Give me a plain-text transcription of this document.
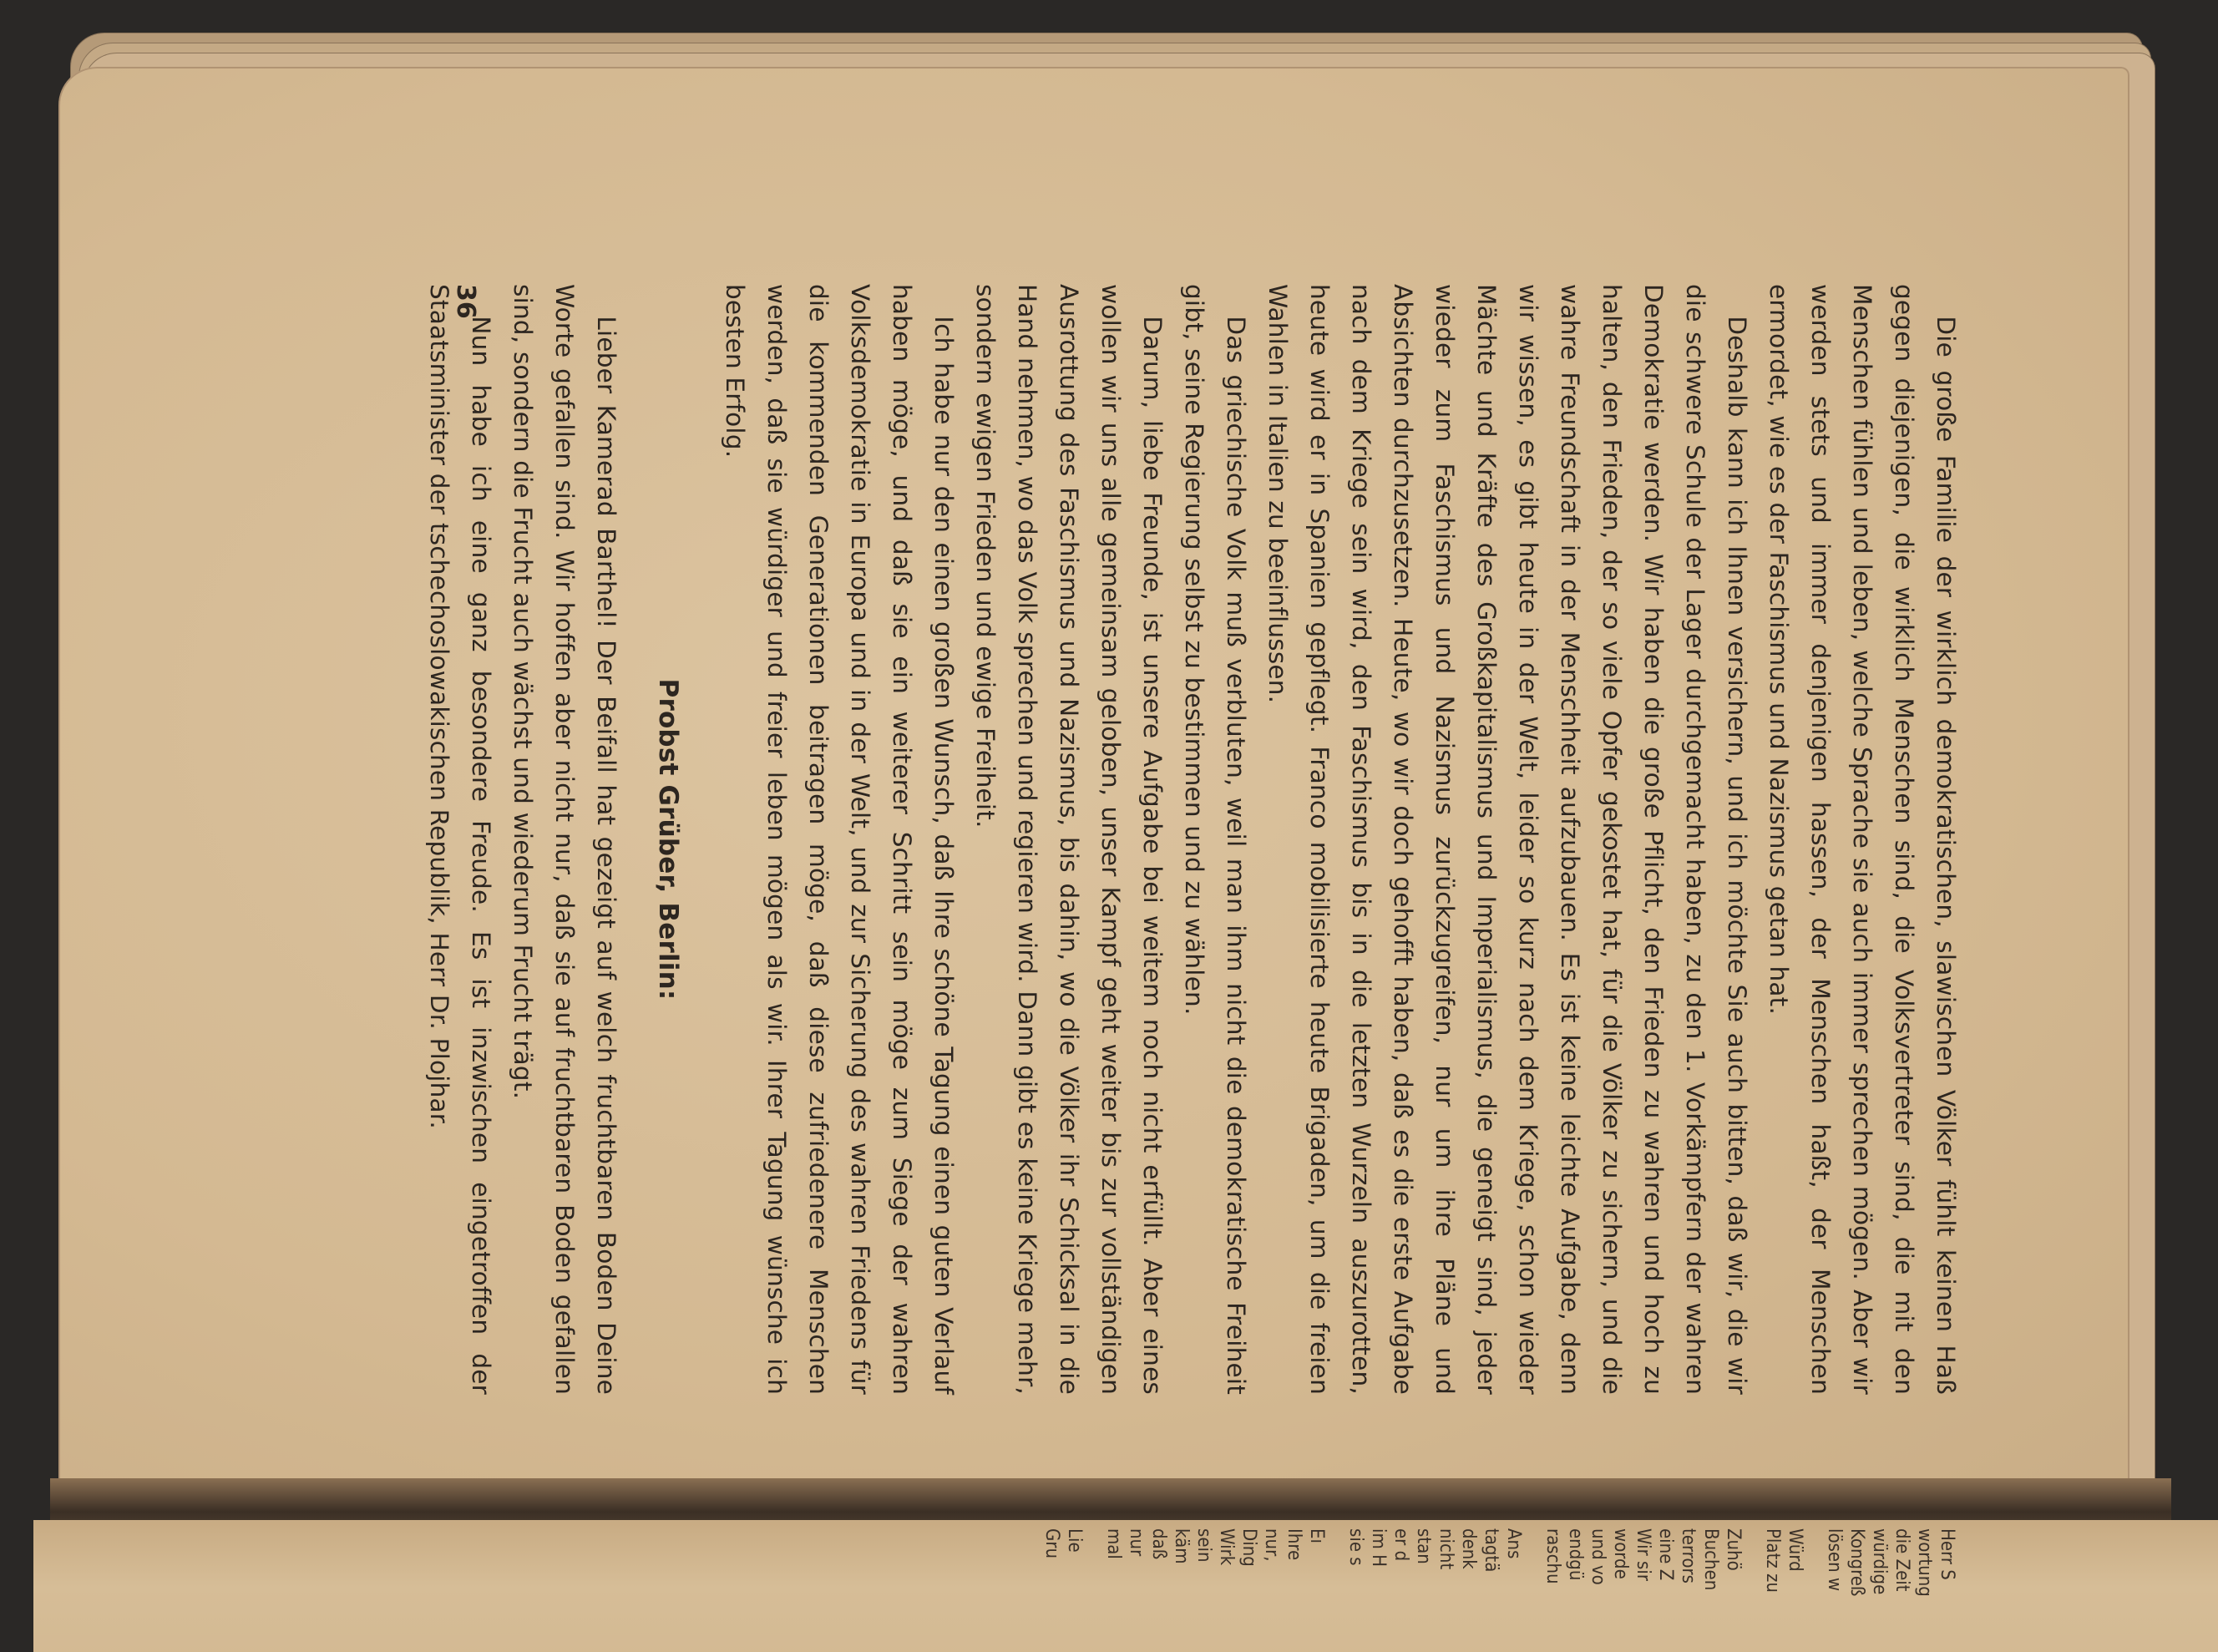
Die große Familie der wirklich demokratischen, slawischen Völker fühlt keinen Haß gegen diejenigen, die wirklich Menschen sind, die Volksvertreter sind, die mit den Menschen fühlen und leben, welche Sprache sie auch immer sprechen mögen. Aber wir werden stets und immer denjenigen hassen, der Menschen haßt, der Menschen ermordet, wie es der Faschismus und Nazismus getan hat.

Deshalb kann ich Ihnen versichern, und ich möchte Sie auch bitten, daß wir, die wir die schwere Schule der Lager durchgemacht haben, zu den 1. Vorkämpfern der wahren Demokratie werden. Wir haben die große Pflicht, den Frieden zu wahren und hoch zu halten, den Frieden, der so viele Opfer gekostet hat, für die Völker zu sichern, und die wahre Freundschaft in der Menschheit aufzubauen. Es ist keine leichte Aufgabe, denn wir wissen, es gibt heute in der Welt, leider so kurz nach dem Kriege, schon wieder Mächte und Kräfte des Großkapitalismus und Imperialismus, die geneigt sind, jeder wieder zum Faschismus und Nazismus zurückzugreifen, nur um ihre Pläne und Absichten durchzusetzen. Heute, wo wir doch gehofft haben, daß es die erste Aufgabe nach dem Kriege sein wird, den Faschismus bis in die letzten Wurzeln auszurotten, heute wird er in Spanien gepflegt. Franco mobilisierte heute Brigaden, um die freien Wahlen in Italien zu beeinflussen.

Das griechische Volk muß verbluten, weil man ihm nicht die demokratische Freiheit gibt, seine Regierung selbst zu bestimmen und zu wählen.

Darum, liebe Freunde, ist unsere Aufgabe bei weitem noch nicht erfüllt. Aber eines wollen wir uns alle gemeinsam geloben, unser Kampf geht weiter bis zur vollständigen Ausrottung des Faschismus und Nazismus, bis dahin, wo die Völker ihr Schicksal in die Hand nehmen, wo das Volk sprechen und regieren wird. Dann gibt es keine Kriege mehr, sondern ewigen Frieden und ewige Freiheit.

Ich habe nur den einen großen Wunsch, daß Ihre schöne Tagung einen guten Verlauf haben möge, und daß sie ein weiterer Schritt sein möge zum Siege der wahren Volksdemokratie in Europa und in der Welt, und zur Sicherung des wahren Friedens für die kommenden Generationen beitragen möge, daß diese zufriedenere Menschen werden, daß sie würdiger und freier leben mögen als wir. Ihrer Tagung wünsche ich besten Erfolg.

Probst Grüber, Berlin:

Lieber Kamerad Barthel! Der Beifall hat gezeigt auf welch fruchtbaren Boden Deine Worte gefallen sind. Wir hoffen aber nicht nur, daß sie auf fruchtbaren Boden gefallen sind, sondern die Frucht auch wächst und wiederum Frucht trägt.

Nun habe ich eine ganz besondere Freude. Es ist inzwischen eingetroffen der Staatsminister der tschechoslowakischen Republik, Herr Dr. Plojhar.

36
Herr S
wortung
die Zeit
würdige
Kongreß
lösen w
Würd
Platz zu
Zuhö
Buchen
terrors
eine Z
Wir sir
worde
und vo
endgü
raschu
Ans
tagtä
denk
nicht
stan
er d
im H
sie s
Eı
Ihre
nur,
Ding
Wirk
sein
käm
daß
nur
mal
Lie
Gru
